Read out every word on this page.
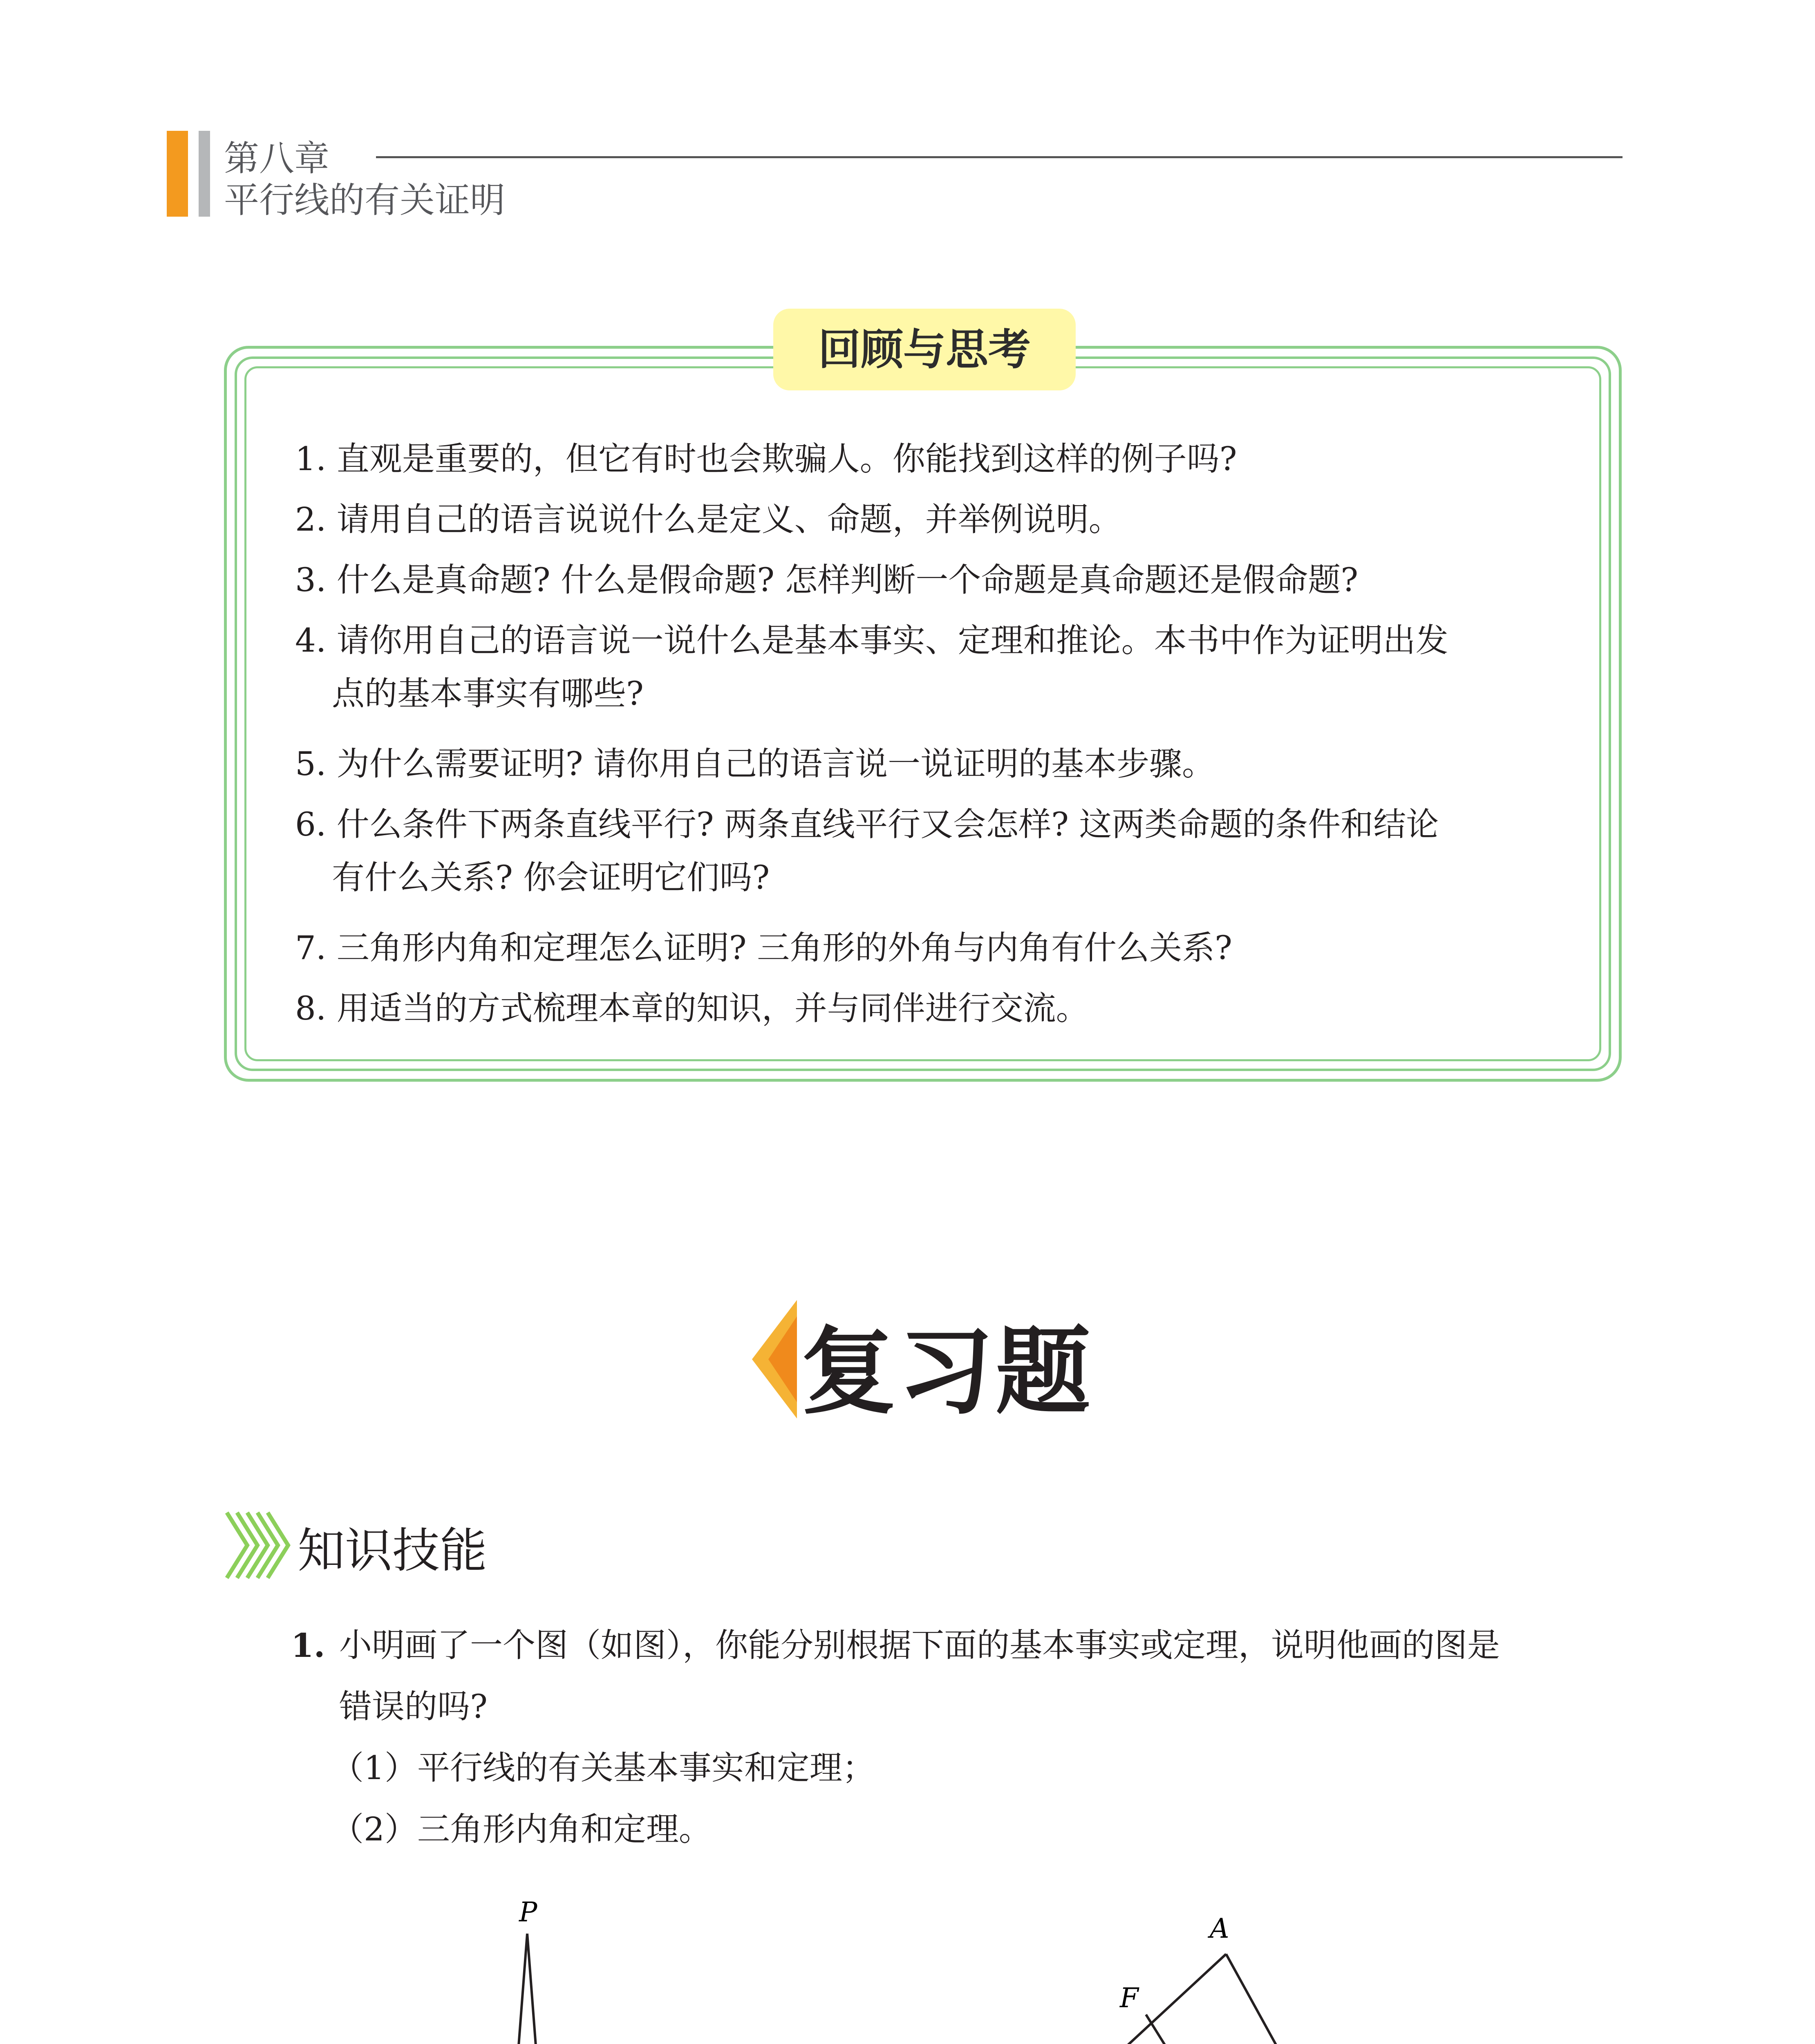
第八章
平行线的有关证明
回顾与思考
1. 直观是重要的，但它有时也会欺骗人。你能找到这样的例子吗?
2. 请用自己的语言说说什么是定义、命题，并举例说明。
3. 什么是真命题? 什么是假命题? 怎样判断一个命题是真命题还是假命题?
4. 请你用自己的语言说一说什么是基本事实、定理和推论。本书中作为证明出发
点的基本事实有哪些?
5. 为什么需要证明? 请你用自己的语言说一说证明的基本步骤。
6. 什么条件下两条直线平行? 两条直线平行又会怎样? 这两类命题的条件和结论
有什么关系? 你会证明它们吗?
7. 三角形内角和定理怎么证明? 三角形的外角与内角有什么关系?
8. 用适当的方式梳理本章的知识，并与同伴进行交流。
复习题
知识技能
1. 小明画了一个图（如图），你能分别根据下面的基本事实或定理，说明他画的图是
错误的吗?
（1）平行线的有关基本事实和定理；
（2）三角形内角和定理。
P
A
F
